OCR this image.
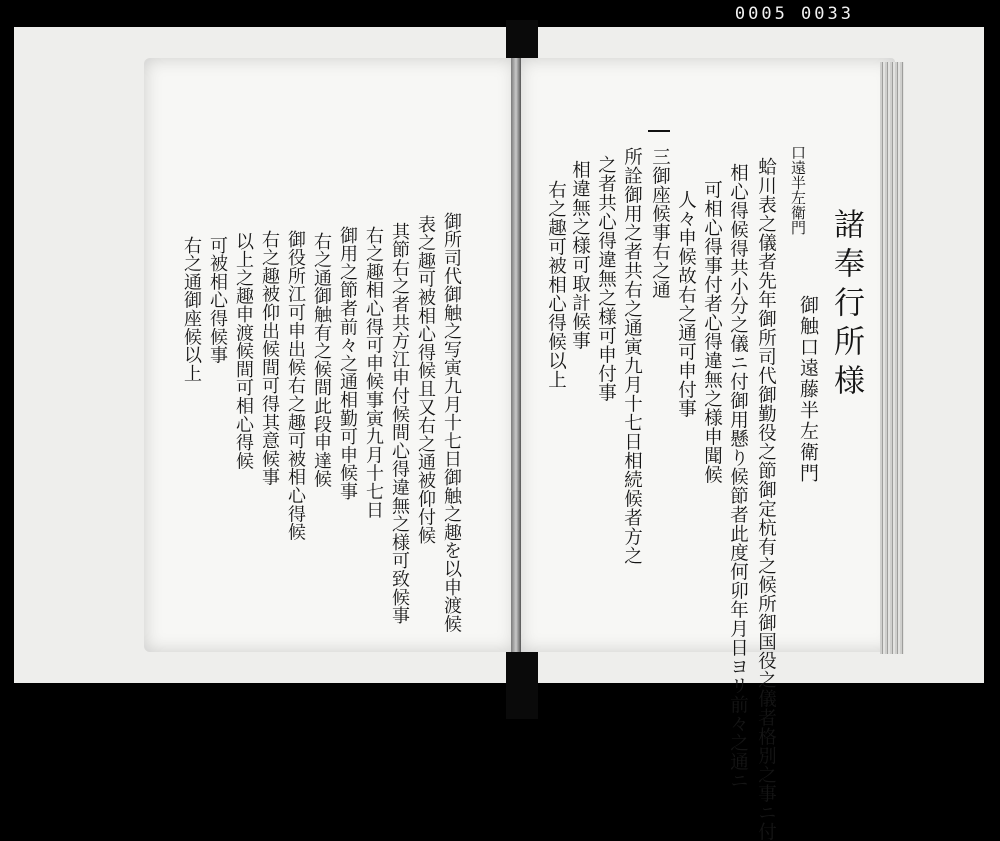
0005 0033
諸奉行所様
御触口遠藤半左衛門
口遠半左衛門
蛤川表之儀者先年御所司代御勤役之節御定杭有之候所御国役之儀者格別之事ニ付
相心得候得共小分之儀ニ付御用懸り候節者此度何卯年月日ヨリ前々之通ニ
可相心得事付者心得違無之様申聞候
人々申候故右之通可申付事
三御座候事右之通
所詮御用之者共右之通寅九月十七日相続候者方之
之者共心得違無之様可申付事
相違無之様可取計候事
右之趣可被相心得候以上
御所司代御触之写寅九月十七日御触之趣を以申渡候
表之趣可被相心得候且又右之通被仰付候
其節右之者共方江申付候間心得違無之様可致候事
右之趣相心得可申候事寅九月十七日
御用之節者前々之通相勤可申候事
右之通御触有之候間此段申達候
御役所江可申出候右之趣可被相心得候
右之趣被仰出候間可得其意候事
以上之趣申渡候間可相心得候
可被相心得候事
右之通御座候以上
